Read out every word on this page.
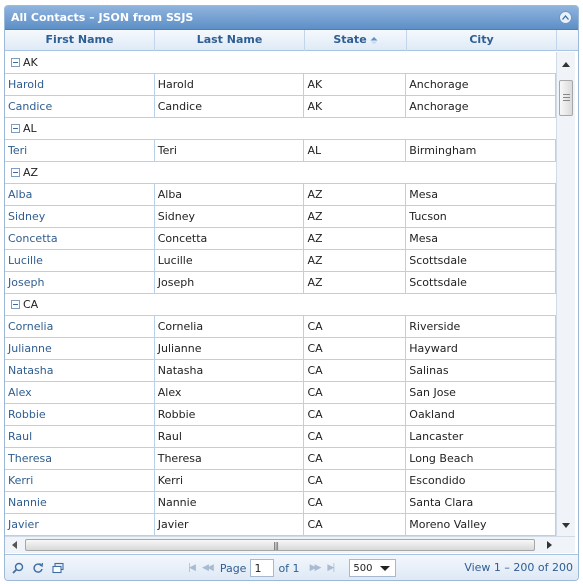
All Contacts – JSON from SSJS
First Name	Last Name	State	City
AK
Harold	Harold	AK	Anchorage
Candice	Candice	AK	Anchorage
AL
Teri	Teri	AL	Birmingham
AZ
Alba	Alba	AZ	Mesa
Sidney	Sidney	AZ	Tucson
Concetta	Concetta	AZ	Mesa
Lucille	Lucille	AZ	Scottsdale
Joseph	Joseph	AZ	Scottsdale
CA
Cornelia	Cornelia	CA	Riverside
Julianne	Julianne	CA	Hayward
Natasha	Natasha	CA	Salinas
Alex	Alex	CA	San Jose
Robbie	Robbie	CA	Oakland
Raul	Raul	CA	Lancaster
Theresa	Theresa	CA	Long Beach
Kerri	Kerri	CA	Escondido
Nannie	Nannie	CA	Santa Clara
Javier	Javier	CA	Moreno Valley
|||
|◀ ◀◀ Page
1	of 1 ▶▶ ▶| 500	View 1 – 200 of 200
